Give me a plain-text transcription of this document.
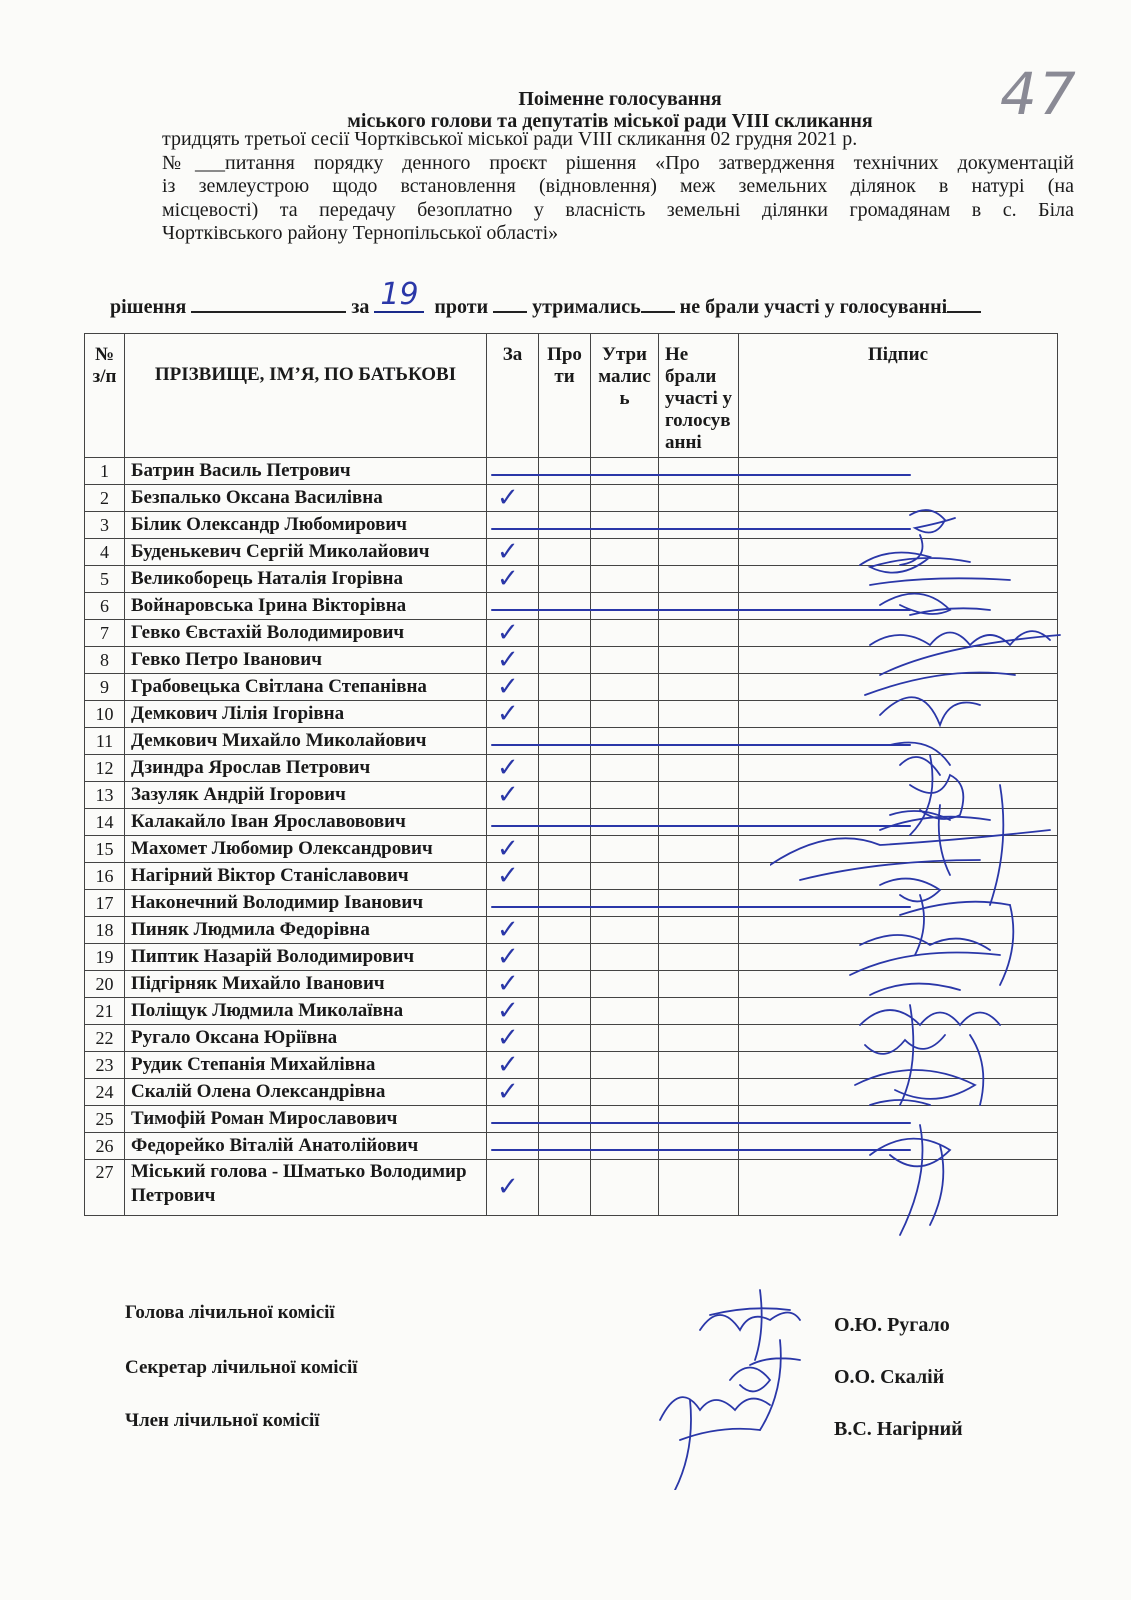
47
Поіменне голосування
міського голови та депутатів міської ради VIII скликання
тридцять третьої сесії Чортківської міської ради VIII скликання 02 грудня 2021 р.
№___питання порядку денного проєкт рішення «Про затвердження технічних документацій
із землеустрою щодо встановлення (відновлення) меж земельних ділянок в натурі (на
місцевості) та передачу безоплатно у власність земельні ділянки громадянам в с. Біла
Чортківського району Тернопільської області»
рішення	за 19 проти утримались не брали участі у голосуванні
№ з/п	ПРІЗВИЩЕ, ІМ’Я, ПО БАТЬКОВІ	За	Про ти	Утри малис ь	Не брали участі у голосув анні	Підпис
1	Батрин Василь Петрович	

2	Безпалько Оксана Василівна	✓				

3	Білик Олександр Любомирович	

4	Буденькевич Сергій Миколайович	✓				

5	Великоборець Наталія Ігорівна	✓				

6	Войнаровська Ірина Вікторівна	

7	Гевко Євстахій Володимирович	✓				

8	Гевко Петро Іванович	✓				

9	Грабовецька Світлана Степанівна	✓				

10	Демкович Лілія Ігорівна	✓				

11	Демкович Михайло Миколайович	

12	Дзиндра Ярослав Петрович	✓				

13	Зазуляк Андрій Ігорович	✓				

14	Калакайло Іван Ярославовович	

15	Махомет Любомир Олександрович	✓				

16	Нагірний Віктор Станіславович	✓				

17	Наконечний Володимир Іванович	

18	Пиняк Людмила Федорівна	✓				

19	Пиптик Назарій Володимирович	✓				

20	Підгірняк Михайло Іванович	✓				

21	Поліщук Людмила Миколаївна	✓				

22	Ругало Оксана Юріївна	✓				

23	Рудик Степанія Михайлівна	✓				

24	Скалій Олена Олександрівна	✓				

25	Тимофій Роман Мирославович	

26	Федорейко Віталій Анатолійович	

27	Міський голова - Шматько Володимир Петрович	✓				

Голова лічильної комісії
Секретар лічильної комісії
Член лічильної комісії
О.Ю. Ругало
О.О. Скалій
В.С. Нагірний
